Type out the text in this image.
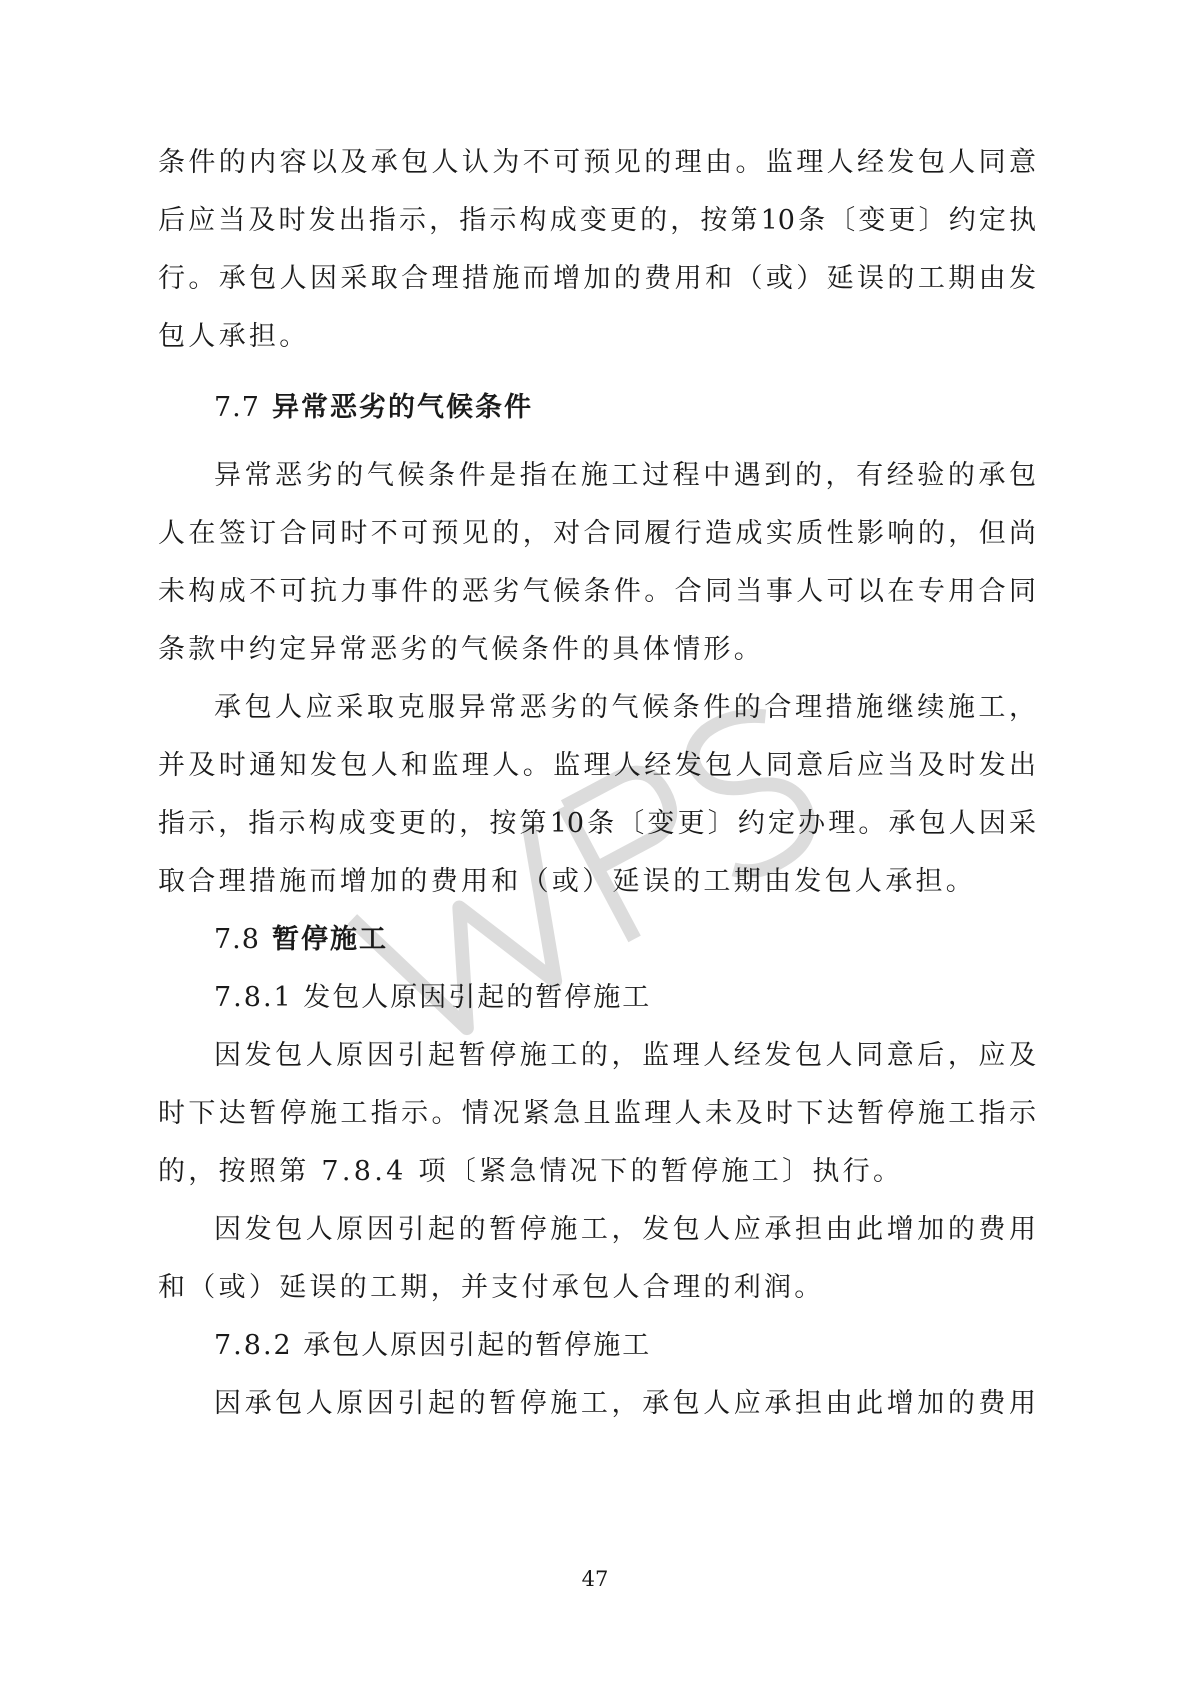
条件的内容以及承包人认为不可预见的理由。监理人经发包人同意
后应当及时发出指示，指示构成变更的，按第10条〔变更〕约定执
行。承包人因采取合理措施而增加的费用和（或）延误的工期由发
包人承担。
7.7 异常恶劣的气候条件
异常恶劣的气候条件是指在施工过程中遇到的，有经验的承包
人在签订合同时不可预见的，对合同履行造成实质性影响的，但尚
未构成不可抗力事件的恶劣气候条件。合同当事人可以在专用合同
条款中约定异常恶劣的气候条件的具体情形。
承包人应采取克服异常恶劣的气候条件的合理措施继续施工，
并及时通知发包人和监理人。监理人经发包人同意后应当及时发出
指示，指示构成变更的，按第10条〔变更〕约定办理。承包人因采
取合理措施而增加的费用和（或）延误的工期由发包人承担。
7.8 暂停施工
7.8.1 发包人原因引起的暂停施工
因发包人原因引起暂停施工的，监理人经发包人同意后，应及
时下达暂停施工指示。情况紧急且监理人未及时下达暂停施工指示
的，按照第 7.8.4 项〔紧急情况下的暂停施工〕执行。
因发包人原因引起的暂停施工，发包人应承担由此增加的费用
和（或）延误的工期，并支付承包人合理的利润。
7.8.2 承包人原因引起的暂停施工
因承包人原因引起的暂停施工，承包人应承担由此增加的费用
47
